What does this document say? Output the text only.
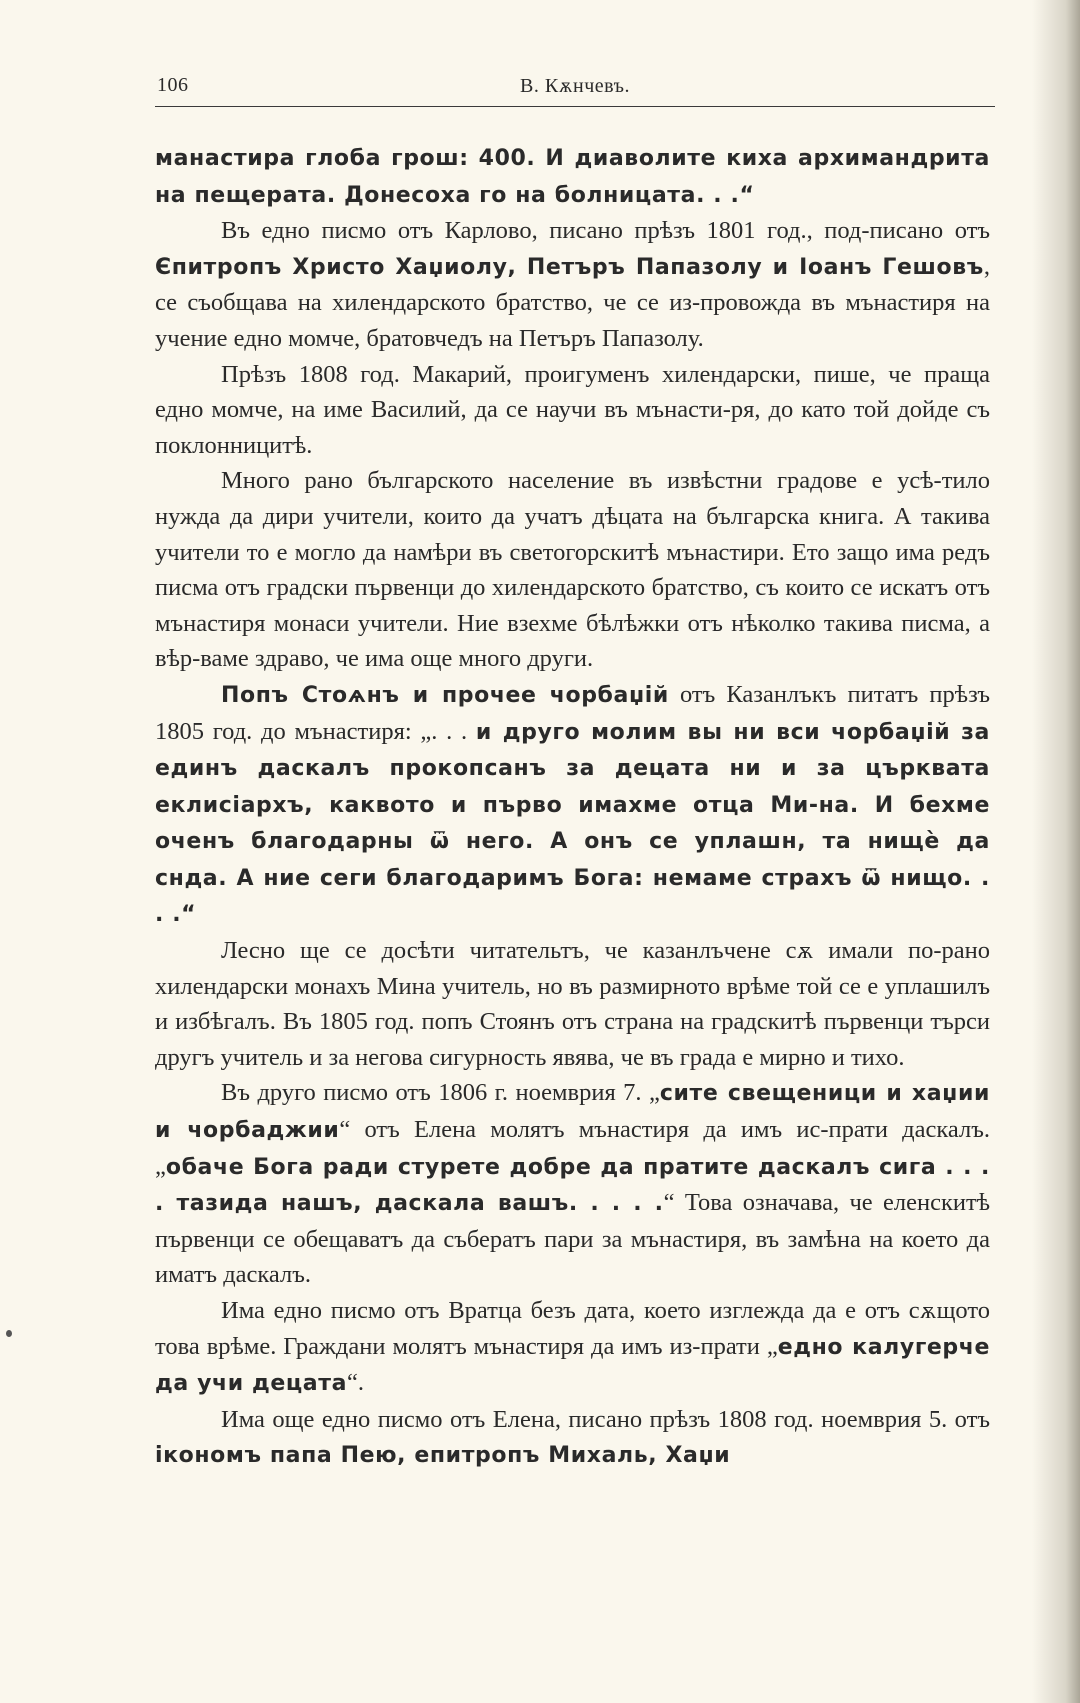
106	В. Кѫнчевъ.

манастира глоба грош: 400. И диаволите киха архимандрита на пещерата. Донесоха го на болницата. . .“

Въ едно писмо отъ Карлово, писано прѣзъ 1801 год., под-писано отъ Єпитропъ Христо Хаџиолу, Петъръ Папазолу и Іоанъ Гешовъ, се съобщава на хилендарското братство, че се из-провожда въ мънастиря на учение едно момче, братовчедъ на Петъръ Папазолу.

Прѣзъ 1808 год. Макарий, проигуменъ хилендарски, пише, че праща едно момче, на име Василий, да се научи въ мънасти-ря, до като той дойде съ поклонницитѣ.

Много рано българското население въ извѣстни градове е усѣ-тило нужда да дири учители, които да учатъ дѣцата на българска книга. А такива учители то е могло да намѣри въ светогорскитѣ мънастири. Ето защо има редъ писма отъ градски първенци до хилендарското братство, съ които се искатъ отъ мънастиря монаси учители. Ние взехме бѣлѣжки отъ нѣколко такива писма, а вѣр-ваме здраво, че има още много други.

Попъ Стоѧнъ и прочее чорбаџій отъ Казанлъкъ питатъ прѣзъ 1805 год. до мънастиря: „. . . и друго молим вы ни вси чорбаџій за единъ даскалъ прокопсанъ за децата ни и за църквата еклисіархъ, каквото и първо имахме отца Ми-на. И бехме оченъ благодарны ѿ него. А онъ се уплашн, та нищѐ да снда. А ние сеги благодаримъ Бога: немаме страхъ ѿ нищо. . . .“

Лесно ще се досѣти читательтъ, че казанлъчене сѫ имали по-рано хилендарски монахъ Мина учитель, но въ размирното врѣме той се е уплашилъ и избѣгалъ. Въ 1805 год. попъ Стоянъ отъ страна на градскитѣ първенци търси другъ учитель и за негова сигурность явява, че въ града е мирно и тихо.

Въ друго писмо отъ 1806 г. ноемврия 7. „сите свещеници и хаџии и чорбаджии“ отъ Елена молятъ мънастиря да имъ ис-прати даскалъ. „обаче Бога ради стурете добре да пратите даскалъ сига . . . . тазида нашъ, даскала вашъ. . . . .“ Това означава, че еленскитѣ първенци се обещаватъ да събератъ пари за мънастиря, въ замѣна на което да иматъ даскалъ.

Има едно писмо отъ Вратца безъ дата, което изглежда да е отъ сѫщото това врѣме. Граждани молятъ мънастиря да имъ из-прати „едно калугерче да учи децата“.

Има още едно писмо отъ Елена, писано прѣзъ 1808 год. ноемврия 5. отъ ікономъ папа Пею, епитропъ Михаль, Хаџи
